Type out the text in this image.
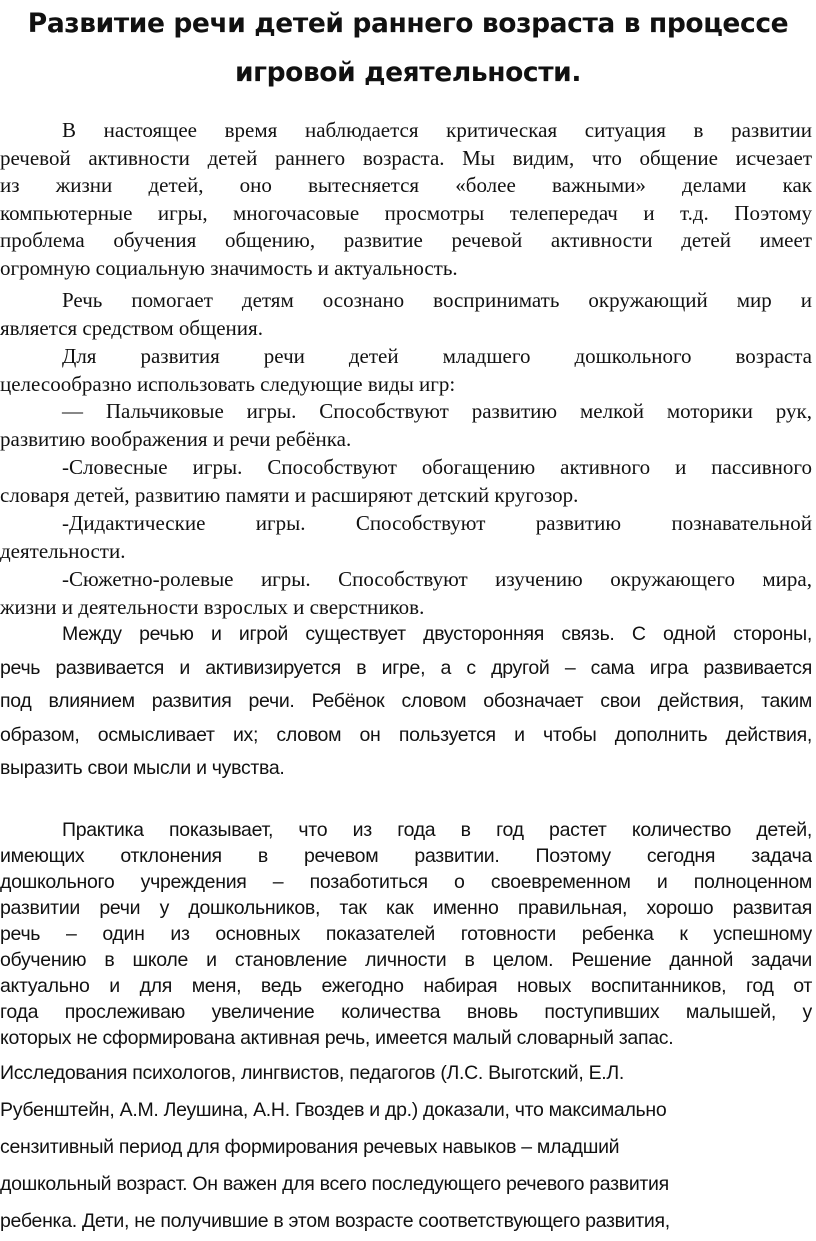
Развитие речи детей раннего возраста в процессе
игровой деятельности.
В настоящее время наблюдается критическая ситуация в развитии
речевой активности детей раннего возраста. Мы видим, что общение исчезает
из жизни детей, оно вытесняется «более важными» делами как
компьютерные игры, многочасовые просмотры телепередач и т.д. Поэтому
проблема обучения общению, развитие речевой активности детей имеет
огромную социальную значимость и актуальность.
Речь помогает детям осознано воспринимать окружающий мир и
является средством общения.
Для развития речи детей младшего дошкольного возраста
целесообразно использовать следующие виды игр:
— Пальчиковые игры. Способствуют развитию мелкой моторики рук,
развитию воображения и речи ребёнка.
-Словесные игры. Способствуют обогащению активного и пассивного
словаря детей, развитию памяти и расширяют детский кругозор.
-Дидактические игры. Способствуют развитию познавательной
деятельности.
-Сюжетно-ролевые игры. Способствуют изучению окружающего мира,
жизни и деятельности взрослых и сверстников.
Между речью и игрой существует двусторонняя связь. С одной стороны,
речь развивается и активизируется в игре, а с другой – сама игра развивается
под влиянием развития речи. Ребёнок словом обозначает свои действия, таким
образом, осмысливает их; словом он пользуется и чтобы дополнить действия,
выразить свои мысли и чувства.
Практика показывает, что из года в год растет количество детей,
имеющих отклонения в речевом развитии. Поэтому сегодня задача
дошкольного учреждения – позаботиться о своевременном и полноценном
развитии речи у дошкольников, так как именно правильная, хорошо развитая
речь – один из основных показателей готовности ребенка к успешному
обучению в школе и становление личности в целом. Решение данной задачи
актуально и для меня, ведь ежегодно набирая новых воспитанников, год от
года прослеживаю увеличение количества вновь поступивших малышей, у
которых не сформирована активная речь, имеется малый словарный запас.
Исследования психологов, лингвистов, педагогов (Л.С. Выготский, Е.Л.
Рубенштейн, А.М. Леушина, А.Н. Гвоздев и др.) доказали, что максимально
сензитивный период для формирования речевых навыков – младший
дошкольный возраст. Он важен для всего последующего речевого развития
ребенка. Дети, не получившие в этом возрасте соответствующего развития,
